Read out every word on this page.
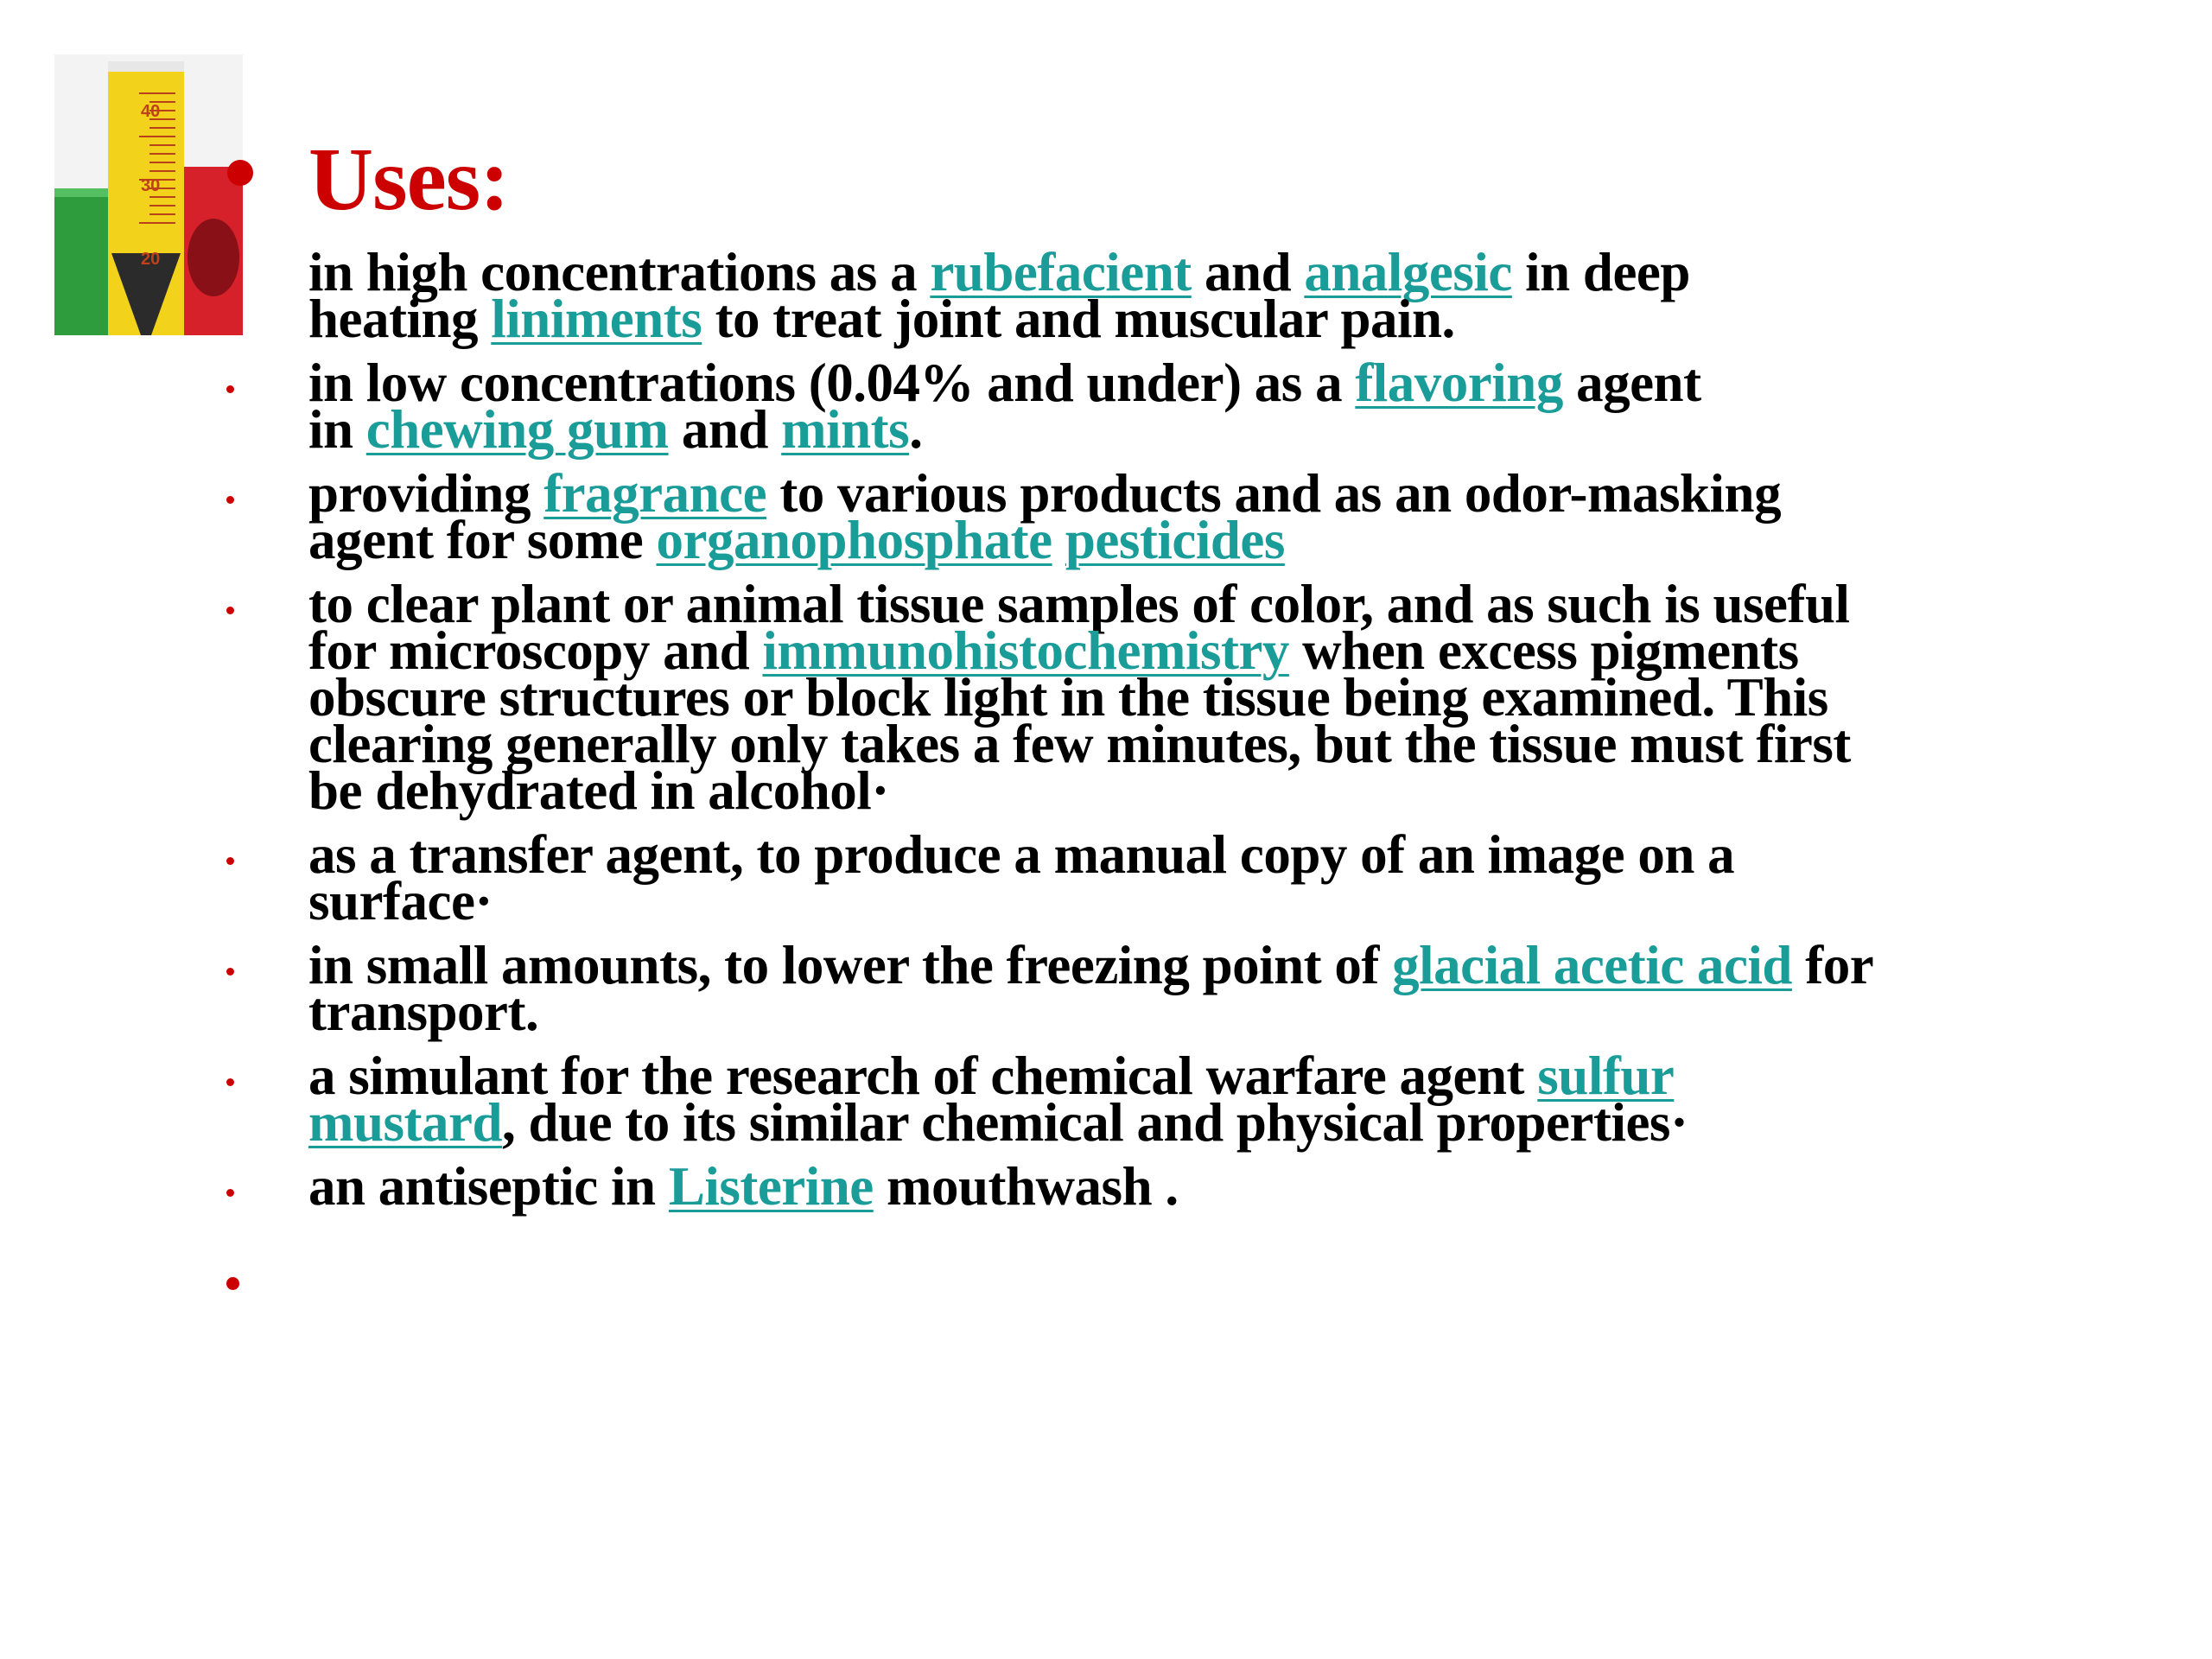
40
30
20
Uses:
in high concentrations as a rubefacient and analgesic in deep
heating liniments to treat joint and muscular pain.
in low concentrations (0.04% and under) as a flavoring agent
in chewing gum and mints.
providing fragrance to various products and as an odor-masking
agent for some organophosphate pesticides
to clear plant or animal tissue samples of color, and as such is useful
for microscopy and immunohistochemistry when excess pigments
obscure structures or block light in the tissue being examined. This
clearing generally only takes a few minutes, but the tissue must first
be dehydrated in alcohol·
as a transfer agent, to produce a manual copy of an image on a
surface·
in small amounts, to lower the freezing point of glacial acetic acid for
transport.
a simulant for the research of chemical warfare agent sulfur
mustard, due to its similar chemical and physical properties·
an antiseptic in Listerine mouthwash .
